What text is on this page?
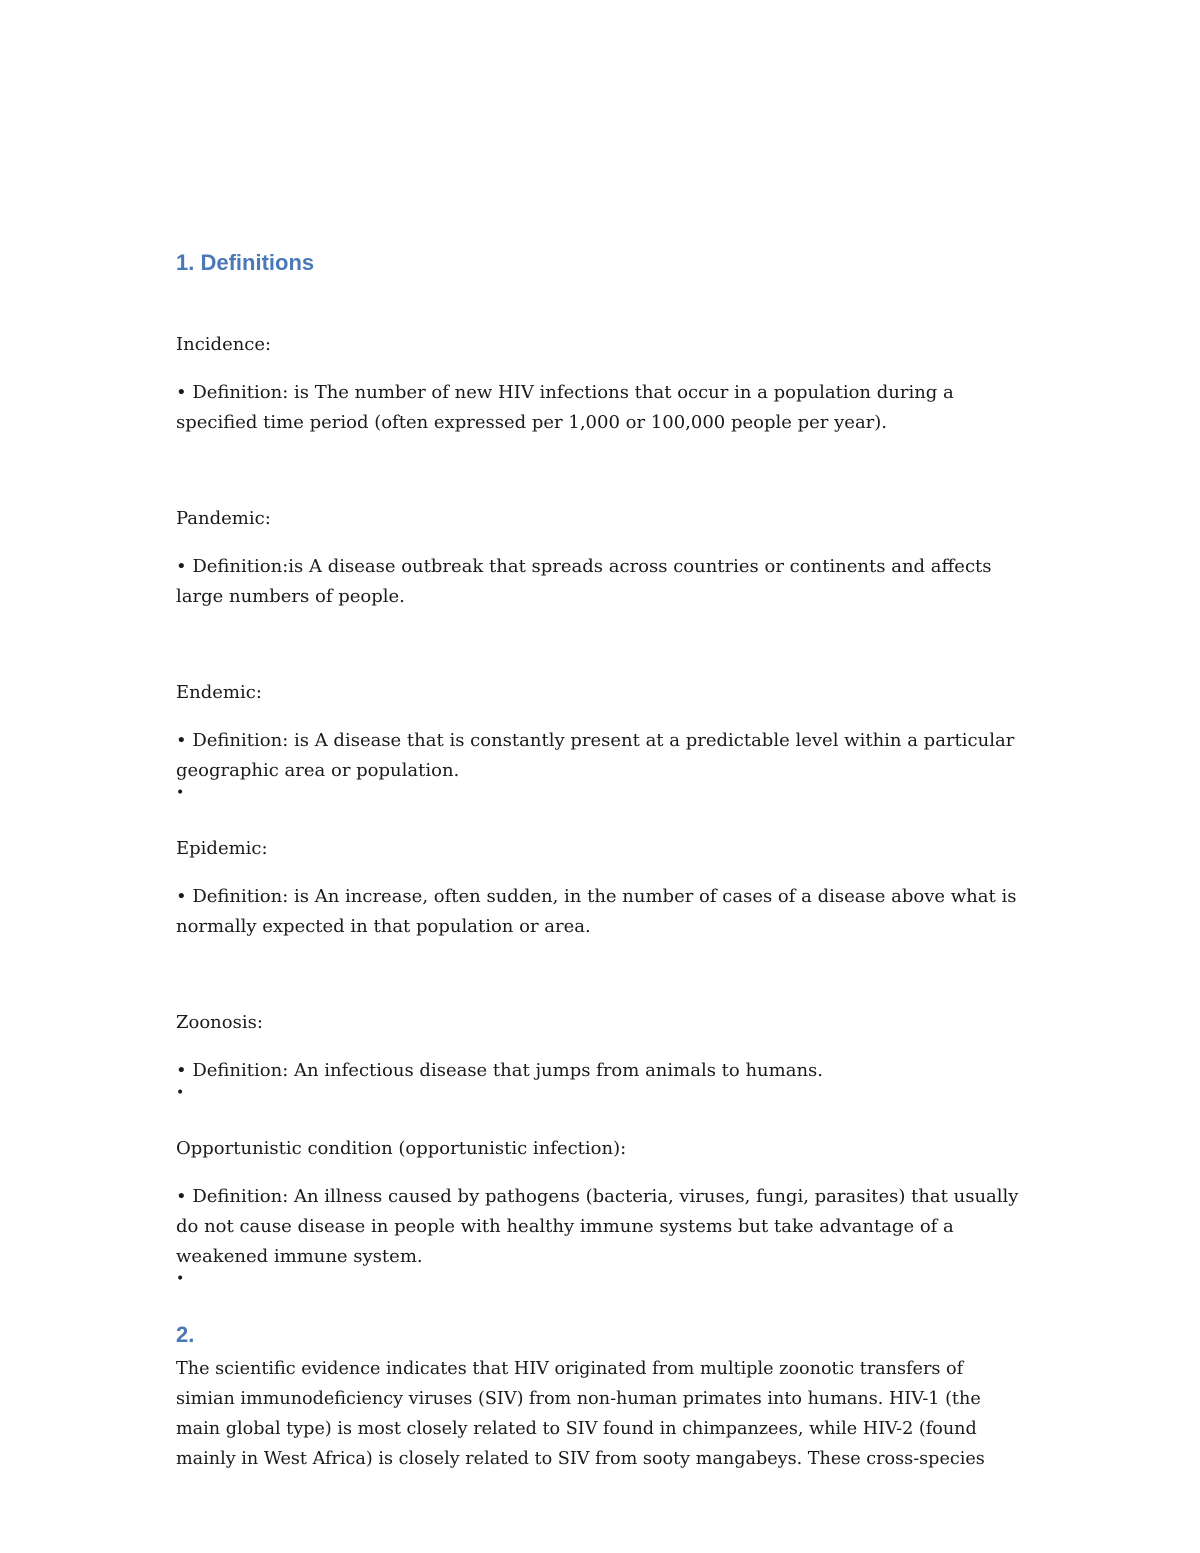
1. Definitions

Incidence:

• Definition: is The number of new HIV infections that occur in a population during a specified time period (often expressed per 1,000 or 100,000 people per year).

Pandemic:

• Definition:is A disease outbreak that spreads across countries or continents and affects large numbers of people.

Endemic:

• Definition: is A disease that is constantly present at a predictable level within a particular geographic area or population.

•

Epidemic:

• Definition: is An increase, often sudden, in the number of cases of a disease above what is normally expected in that population or area.

Zoonosis:

• Definition: An infectious disease that jumps from animals to humans.

•

Opportunistic condition (opportunistic infection):

• Definition: An illness caused by pathogens (bacteria, viruses, fungi, parasites) that usually do not cause disease in people with healthy immune systems but take advantage of a weakened immune system.

•

2.

The scientific evidence indicates that HIV originated from multiple zoonotic transfers of simian immunodeficiency viruses (SIV) from non-human primates into humans. HIV-1 (the main global type) is most closely related to SIV found in chimpanzees, while HIV-2 (found mainly in West Africa) is closely related to SIV from sooty mangabeys. These cross-species
